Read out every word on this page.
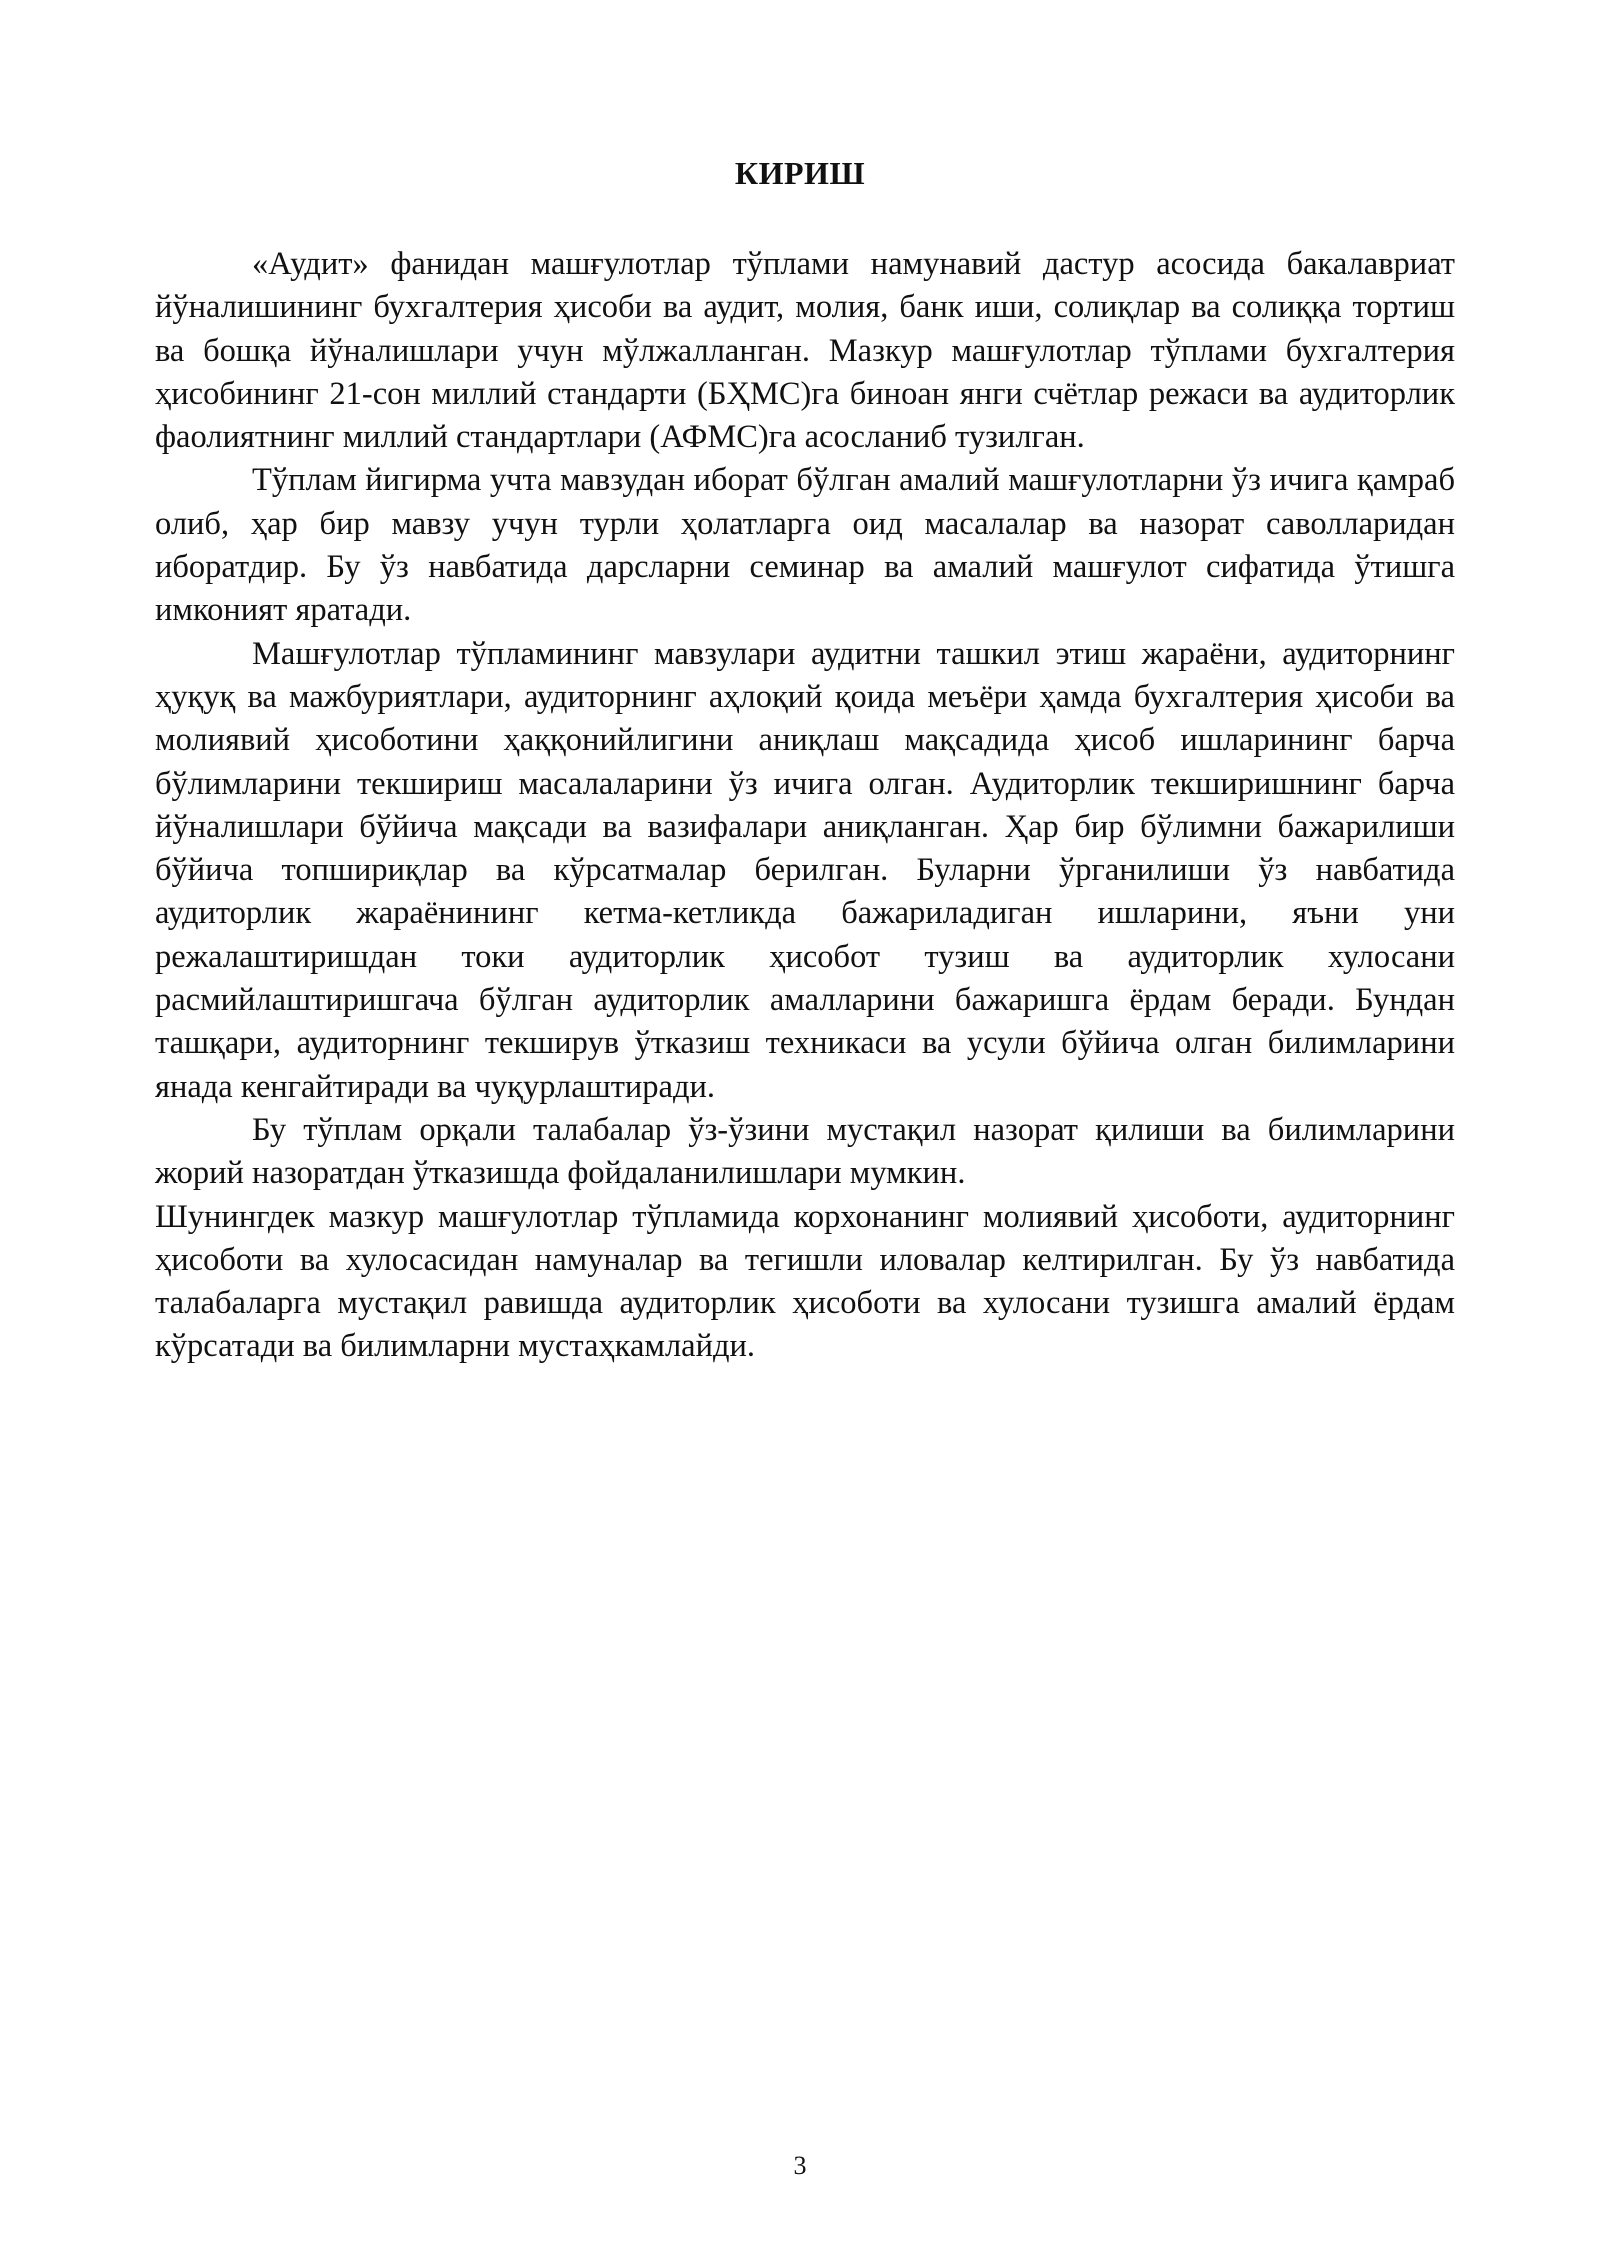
КИРИШ

«Аудит» фанидан машғулотлар тўплами намунавий дастур асосида бакалавриат йўналишининг бухгалтерия ҳисоби ва аудит, молия, банк иши, солиқлар ва солиққа тортиш ва бошқа йўналишлари учун мўлжалланган. Мазкур машғулотлар тўплами бухгалтерия ҳисобининг 21-сон миллий стандарти (БҲМС)га биноан янги счётлар режаси ва аудиторлик фаолиятнинг миллий стандартлари (АФМС)га асосланиб тузилган.

Тўплам йигирма учта мавзудан иборат бўлган амалий машғулотларни ўз ичига қамраб олиб, ҳар бир мавзу учун турли ҳолатларга оид масалалар ва назорат саволларидан иборатдир. Бу ўз навбатида дарсларни семинар ва амалий машғулот сифатида ўтишга имконият яратади.

Машғулотлар тўпламининг мавзулари аудитни ташкил этиш жараёни, аудиторнинг ҳуқуқ ва мажбуриятлари, аудиторнинг аҳлоқий қоида меъёри ҳамда бухгалтерия ҳисоби ва молиявий ҳисоботини ҳаққонийлигини аниқлаш мақсадида ҳисоб ишларининг барча бўлимларини текшириш масалаларини ўз ичига олган. Аудиторлик текширишнинг барча йўналишлари бўйича мақсади ва вазифалари аниқланган. Ҳар бир бўлимни бажарилиши бўйича топшириқлар ва кўрсатмалар берилган. Буларни ўрганилиши ўз навбатида аудиторлик жараёнининг кетма-кетликда бажариладиган ишларини, яъни уни режалаштиришдан токи аудиторлик ҳисобот тузиш ва аудиторлик хулосани расмийлаштиришгача бўлган аудиторлик амалларини бажаришга ёрдам беради. Бундан ташқари, аудиторнинг текширув ўтказиш техникаси ва усули бўйича олган билимларини янада кенгайтиради ва чуқурлаштиради.

Бу тўплам орқали талабалар ўз-ўзини мустақил назорат қилиши ва билимларини жорий назоратдан ўтказишда фойдаланилишлари мумкин.

Шунингдек мазкур машғулотлар тўпламида корхонанинг молиявий ҳисоботи, аудиторнинг ҳисоботи ва хулосасидан намуналар ва тегишли иловалар келтирилган. Бу ўз навбатида талабаларга мустақил равишда аудиторлик ҳисоботи ва хулосани тузишга амалий ёрдам кўрсатади ва билимларни мустаҳкамлайди.

3
